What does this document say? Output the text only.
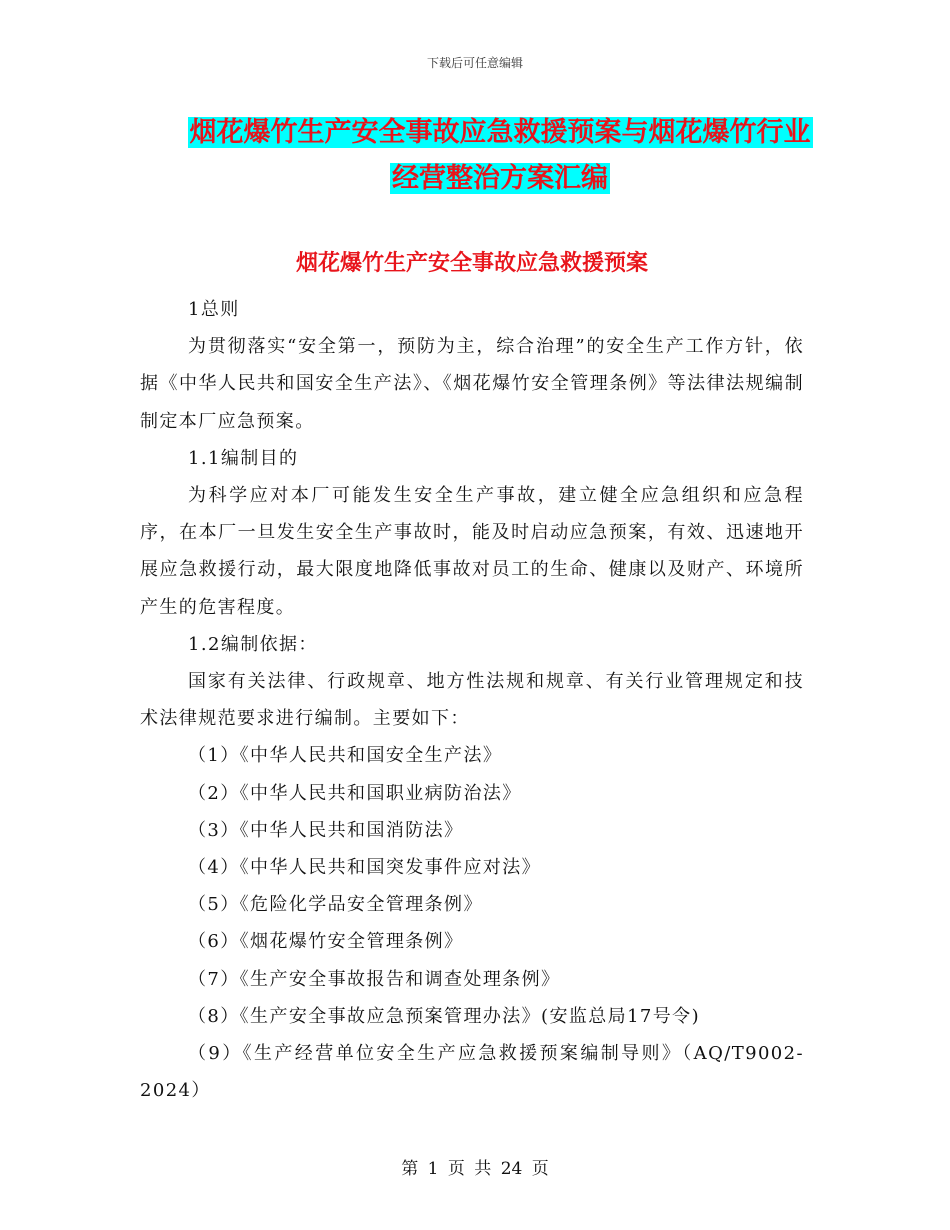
下载后可任意编辑
烟花爆竹生产安全事故应急救援预案与烟花爆竹行业
经营整治方案汇编
烟花爆竹生产安全事故应急救援预案

1总则

为贯彻落实“安全第一，预防为主，综合治理”的安全生产工作方针，依据《中华人民共和国安全生产法》、《烟花爆竹安全管理条例》等法律法规编制制定本厂应急预案。

1.1编制目的

为科学应对本厂可能发生安全生产事故，建立健全应急组织和应急程序，在本厂一旦发生安全生产事故时，能及时启动应急预案，有效、迅速地开展应急救援行动，最大限度地降低事故对员工的生命、健康以及财产、环境所产生的危害程度。

1.2编制依据：

国家有关法律、行政规章、地方性法规和规章、有关行业管理规定和技术法律规范要求进行编制。主要如下：

（1）《中华人民共和国安全生产法》

（2）《中华人民共和国职业病防治法》

（3）《中华人民共和国消防法》

（4）《中华人民共和国突发事件应对法》

（5）《危险化学品安全管理条例》

（6）《烟花爆竹安全管理条例》

（7）《生产安全事故报告和调查处理条例》

（8）《生产安全事故应急预案管理办法》(安监总局17号令)

（9）《生产经营单位安全生产应急救援预案编制导则》（AQ/T9002-2024）

第 1 页 共 24 页
